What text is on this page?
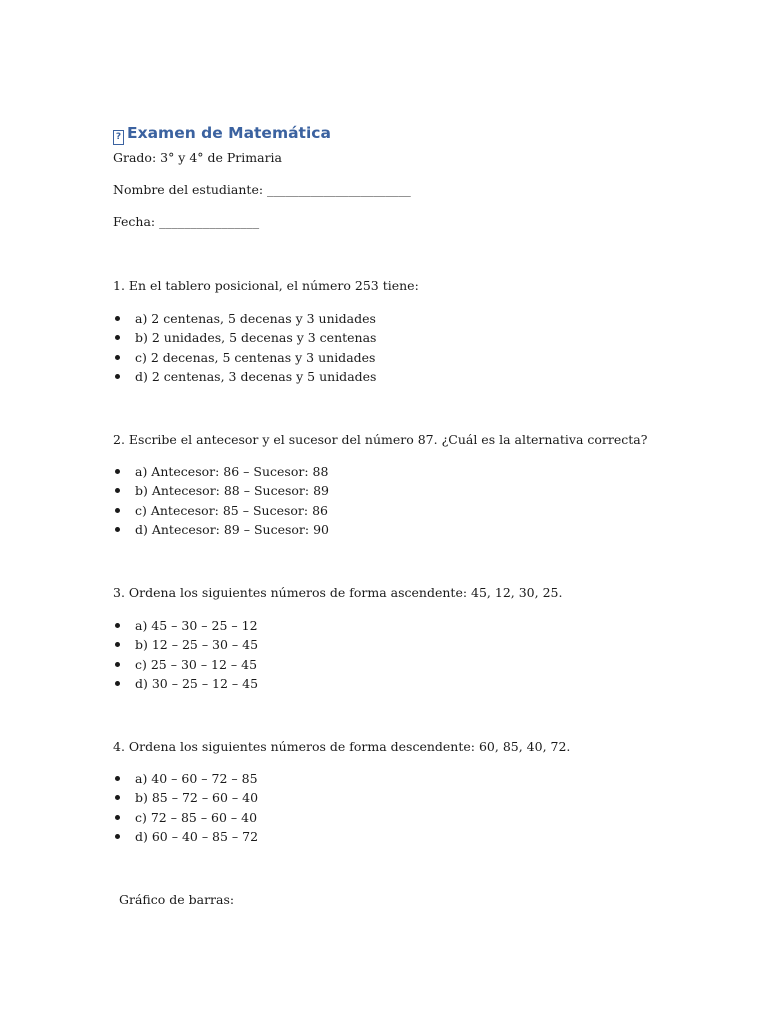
? Examen de Matemática

Grado: 3° y 4° de Primaria

Nombre del estudiante: _______________________

Fecha: ________________

1. En el tablero posicional, el número 253 tiene:

a) 2 centenas, 5 decenas y 3 unidades
b) 2 unidades, 5 decenas y 3 centenas
c) 2 decenas, 5 centenas y 3 unidades
d) 2 centenas, 3 decenas y 5 unidades

2. Escribe el antecesor y el sucesor del número 87. ¿Cuál es la alternativa correcta?

a) Antecesor: 86 – Sucesor: 88
b) Antecesor: 88 – Sucesor: 89
c) Antecesor: 85 – Sucesor: 86
d) Antecesor: 89 – Sucesor: 90

3. Ordena los siguientes números de forma ascendente: 45, 12, 30, 25.

a) 45 – 30 – 25 – 12
b) 12 – 25 – 30 – 45
c) 25 – 30 – 12 – 45
d) 30 – 25 – 12 – 45

4. Ordena los siguientes números de forma descendente: 60, 85, 40, 72.

a) 40 – 60 – 72 – 85
b) 85 – 72 – 60 – 40
c) 72 – 85 – 60 – 40
d) 60 – 40 – 85 – 72

Gráfico de barras:
